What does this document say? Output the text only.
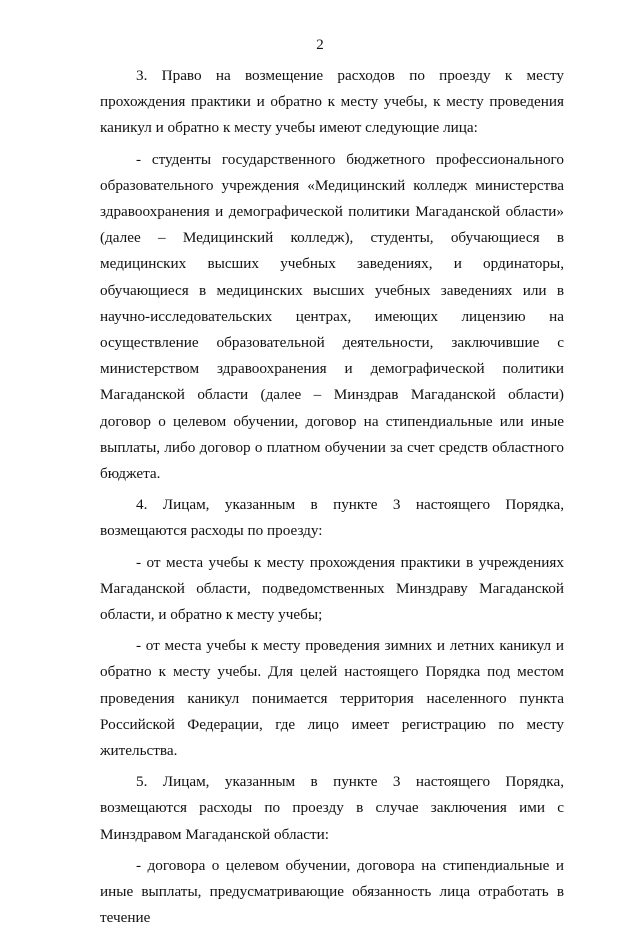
2

3. Право на возмещение расходов по проезду к месту прохождения практики и обратно к месту учебы, к месту проведения каникул и обратно к месту учебы имеют следующие лица:

- студенты государственного бюджетного профессионального образовательного учреждения «Медицинский колледж министерства здравоохранения и демографической политики Магаданской области» (далее – Медицинский колледж), студенты, обучающиеся в медицинских высших учебных заведениях, и ординаторы, обучающиеся в медицинских высших учебных заведениях или в научно-исследовательских центрах, имеющих лицензию на осуществление образовательной деятельности, заключившие с министерством здравоохранения и демографической политики Магаданской области (далее – Минздрав Магаданской области) договор о целевом обучении, договор на стипендиальные или иные выплаты, либо договор о платном обучении за счет средств областного бюджета.

4. Лицам, указанным в пункте 3 настоящего Порядка, возмещаются расходы по проезду:

- от места учебы к месту прохождения практики в учреждениях Магаданской области, подведомственных Минздраву Магаданской области, и обратно к месту учебы;

- от места учебы к месту проведения зимних и летних каникул и обратно к месту учебы. Для целей настоящего Порядка под местом проведения каникул понимается территория населенного пункта Российской Федерации, где лицо имеет регистрацию по месту жительства.

5. Лицам, указанным в пункте 3 настоящего Порядка, возмещаются расходы по проезду в случае заключения ими с Минздравом Магаданской области:

- договора о целевом обучении, договора на стипендиальные и иные выплаты, предусматривающие обязанность лица отработать в течение
